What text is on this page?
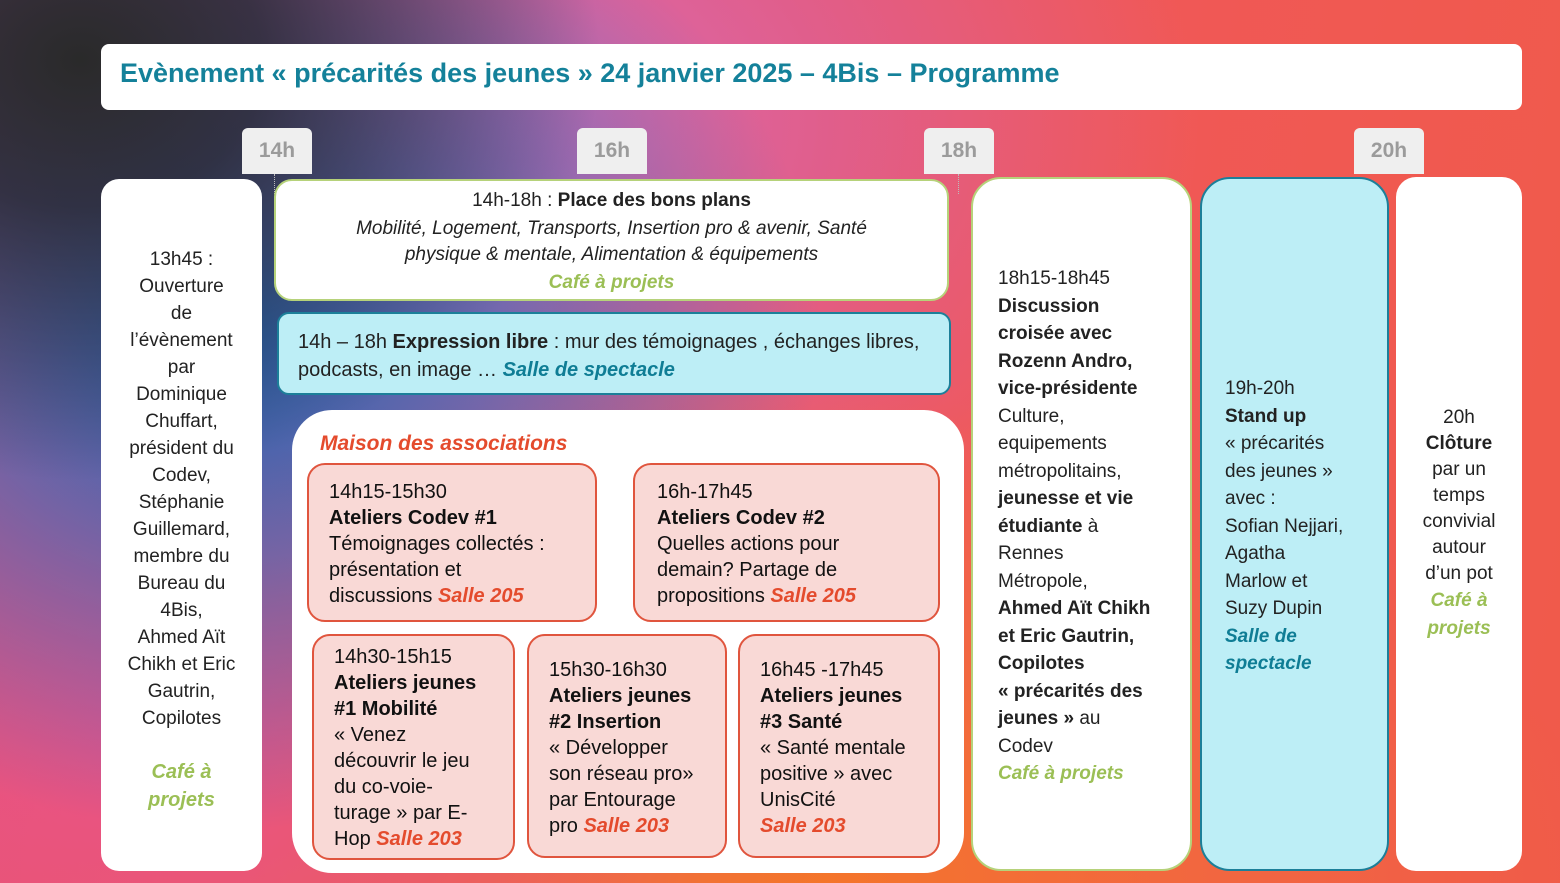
Evènement « précarités des jeunes » 24 janvier 2025 – 4Bis – Programme
14h	16h	18h	20h
13h45 :
Ouverture
de
l’évènement
par
Dominique
Chuffart,
président du
Codev,
Stéphanie
Guillemard,
membre du
Bureau du
4Bis,
Ahmed Aït
Chikh et Eric
Gautrin,
Copilotes
Café à
projets
14h-18h : Place des bons plans
Mobilité, Logement, Transports, Insertion pro & avenir, Santé
physique & mentale, Alimentation & équipements
Café à projets
14h – 18h Expression libre : mur des témoignages , échanges libres,
podcasts, en image … Salle de spectacle
Maison des associations
14h15-15h30
Ateliers Codev #1
Témoignages collectés :
présentation et
discussions Salle 205
16h-17h45
Ateliers Codev #2
Quelles actions pour
demain? Partage de
propositions Salle 205
14h30-15h15
Ateliers jeunes
#1 Mobilité
« Venez
découvrir le jeu
du co-voie-
turage » par E-
Hop Salle 203
15h30-16h30
Ateliers jeunes
#2 Insertion
« Développer
son réseau pro»
par Entourage
pro Salle 203
16h45 -17h45
Ateliers jeunes
#3 Santé
« Santé mentale
positive » avec
UnisCité
Salle 203
18h15-18h45
Discussion
croisée avec
Rozenn Andro,
vice-présidente
Culture,
equipements
métropolitains,
jeunesse et vie
étudiante à
Rennes
Métropole,
Ahmed Aït Chikh
et Eric Gautrin,
Copilotes
« précarités des
jeunes » au
Codev
Café à projets
19h-20h
Stand up
« précarités
des jeunes »
avec :
Sofian Nejjari,
Agatha
Marlow et
Suzy Dupin
Salle de
spectacle
20h
Clôture
par un
temps
convivial
autour
d’un pot
Café à
projets
